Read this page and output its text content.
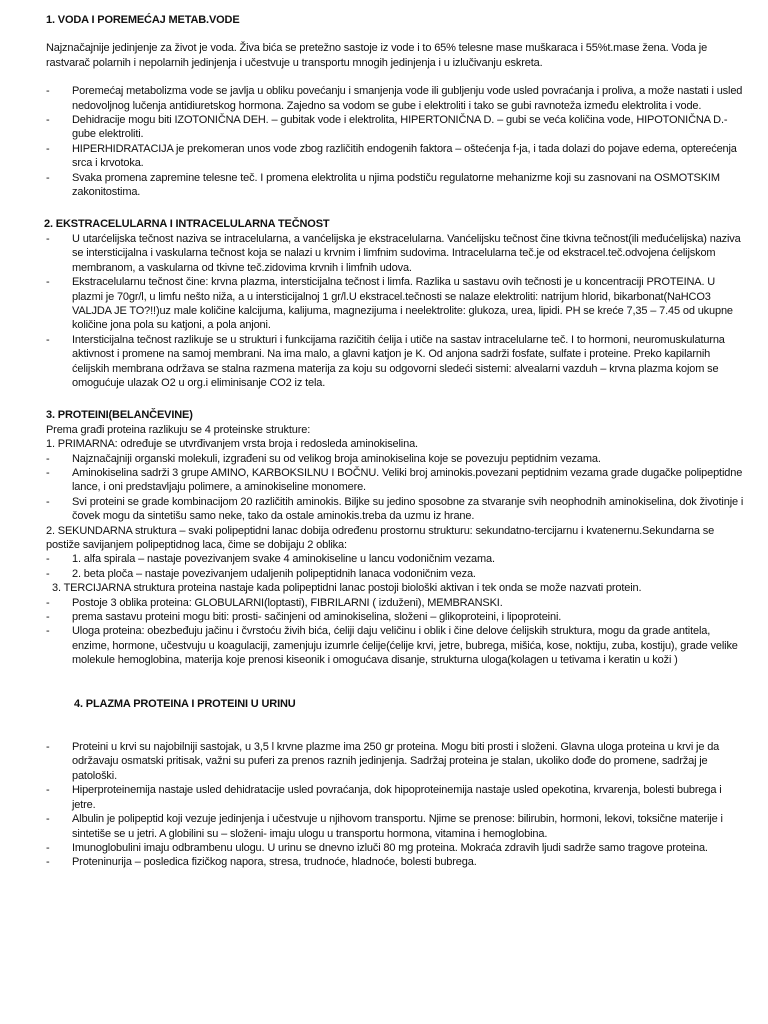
1. VODA I POREMEĆAJ METAB.VODE

Najznačajnije jedinjenje za život je voda. Živa bića se pretežno sastoje iz vode i to 65% telesne mase muškaraca i 55%t.mase žena. Voda je rastvarač polarnih i nepolarnih jedinjenja i učestvuje u transportu mnogih jedinjenja i u izlučivanju eskreta.

- Poremećaj metabolizma vode se javlja u obliku povećanju i smanjenja vode ili gubljenju vode usled povraćanja i proliva, a može nastati i usled nedovoljnog lučenja antidiuretskog hormona. Zajedno sa vodom se gube i elektroliti i tako se gubi ravnoteža između elektrolita i vode.
- Dehidracije mogu biti IZOTONIČNA DEH. – gubitak vode i elektrolita, HIPERTONIČNA D. – gubi se veća količina vode, HIPOTONIČNA D.- gube elektroliti.
- HIPERHIDRATACIJA je prekomeran unos vode zbog različitih endogenih faktora – oštećenja f-ja, i tada dolazi do pojave edema, opterećenja srca i krvotoka.
- Svaka promena zapremine telesne teč. I promena elektrolita u njima podstiču regulatorne mehanizme koji su zasnovani na OSMOTSKIM zakonitostima.

2. EKSTRACELULARNA I INTRACELULARNA TEČNOST

- U utarćelijska tečnost naziva se intracelularna, a vanćelijska je ekstracelularna. Vanćelijsku tečnost čine tkivna tečnost(ili međućelijska) naziva se intersticijalna i vaskularna tečnost koja se nalazi u krvnim i limfnim sudovima. Intracelularna teč.je od ekstracel.teč.odvojena ćelijskom membranom, a vaskularna od tkivne teč.zidovima krvnih i limfnih udova.
- Ekstracelularnu tečnost čine: krvna plazma, intersticijalna tečnost i limfa. Razlika u sastavu ovih tečnosti je u koncentraciji PROTEINA. U plazmi je 70gr/l, u limfu nešto niža, a u intersticijalnoj 1 gr/l.U ekstracel.tečnosti se nalaze elektroliti: natrijum hlorid, bikarbonat(NaHCO3 VALJDA JE TO?!!)uz male količine kalcijuma, kalijuma, magnezijuma i neelektrolite: glukoza, urea, lipidi. PH se kreće 7,35 – 7.45 od ukupne količine jona pola su katjoni, a pola anjoni.
- Intersticijalna tečnost razlikuje se u strukturi i funkcijama razičitih ćelija i utiče na sastav intracelularne teč. I to hormoni, neuromuskulaturna aktivnost i promene na samoj membrani. Na ima malo, a glavni katjon je K. Od anjona sadrži fosfate, sulfate i proteine. Preko kapilarnih ćelijskih membrana održava se stalna razmena materija za koju su odgovorni sledeći sistemi: alvealarni vazduh – krvna plazma kojom se omogućuje ulazak O2 u org.i eliminisanje CO2 iz tela.

3. PROTEINI(BELANČEVINE)

Prema građi proteina razlikuju se 4 proteinske strukture:

1. PRIMARNA: određuje se utvrđivanjem vrsta broja i redosleda aminokiselina.

- Najznačajniji organski molekuli, izgrađeni su od velikog broja aminokiselina koje se povezuju peptidnim vezama.
- Aminokiselina sadrži 3 grupe AMINO, KARBOKSILNU I BOČNU. Veliki broj aminokis.povezani peptidnim vezama grade dugačke polipeptidne lance, i oni predstavljaju polimere, a aminokiseline monomere.
- Svi proteini se grade kombinacijom 20 različitih aminokis. Biljke su jedino sposobne za stvaranje svih neophodnih aminokiselina, dok životinje i čovek mogu da sintetišu samo neke, tako da ostale aminokis.treba da uzmu iz hrane.

2. SEKUNDARNA struktura – svaki polipeptidni lanac dobija određenu prostornu strukturu: sekundatno-tercijarnu i kvatenernu.Sekundarna se postiže savijanjem polipeptidnog laca, čime se dobijaju 2 oblika:

- 1. alfa spirala – nastaje povezivanjem svake 4 aminokiseline u lancu vodoničnim vezama.
- 2. beta ploča – nastaje povezivanjem udaljenih polipeptidnih lanaca vodoničnim veza.

3. TERCIJARNA struktura proteina nastaje kada polipeptidni lanac postoji biološki aktivan i tek onda se može nazvati protein.

- Postoje 3 oblika proteina: GLOBULARNI(loptasti), FIBRILARNI ( izduženi), MEMBRANSKI.
- prema sastavu proteini mogu biti: prosti- sačinjeni od aminokiselina, složeni – glikoproteini, i lipoproteini.
- Uloga proteina: obezbeđuju jačinu i čvrstoću živih bića, ćeliji daju veličinu i oblik i čine delove ćelijskih struktura, mogu da grade antitela, enzime, hormone, učestvuju u koagulaciji, zamenjuju izumrle ćelije(ćelije krvi, jetre, bubrega, mišića, kose, noktiju, zuba, kostiju), grade velike molekule hemoglobina, materija koje prenosi kiseonik i omogućava disanje, strukturna uloga(kolagen u tetivama i keratin u koži )

4. PLAZMA PROTEINA I PROTEINI U URINU

- Proteini u krvi su najobilniji sastojak, u 3,5 l krvne plazme ima 250 gr proteina. Mogu biti prosti i složeni. Glavna uloga proteina u krvi je da održavaju osmatski pritisak, važni su puferi za prenos raznih jedinjenja. Sadržaj proteina je stalan, ukoliko dođe do promene, sadržaj je patološki.
- Hiperproteinemija nastaje usled dehidratacije usled povraćanja, dok hipoproteinemija nastaje usled opekotina, krvarenja, bolesti bubrega i jetre.
- Albulin je polipeptid koji vezuje jedinjenja i učestvuje u njihovom transportu. Njime se prenose: bilirubin, hormoni, lekovi, toksične materije i sintetiše se u jetri. A globilini su – složeni- imaju ulogu u transportu hormona, vitamina i hemoglobina.
- Imunoglobulini imaju odbrambenu ulogu. U urinu se dnevno izluči 80 mg proteina. Mokraća zdravih ljudi sadrže samo tragove proteina.
- Proteninurija – posledica fizičkog napora, stresa, trudnoće, hladnoće, bolesti bubrega.
